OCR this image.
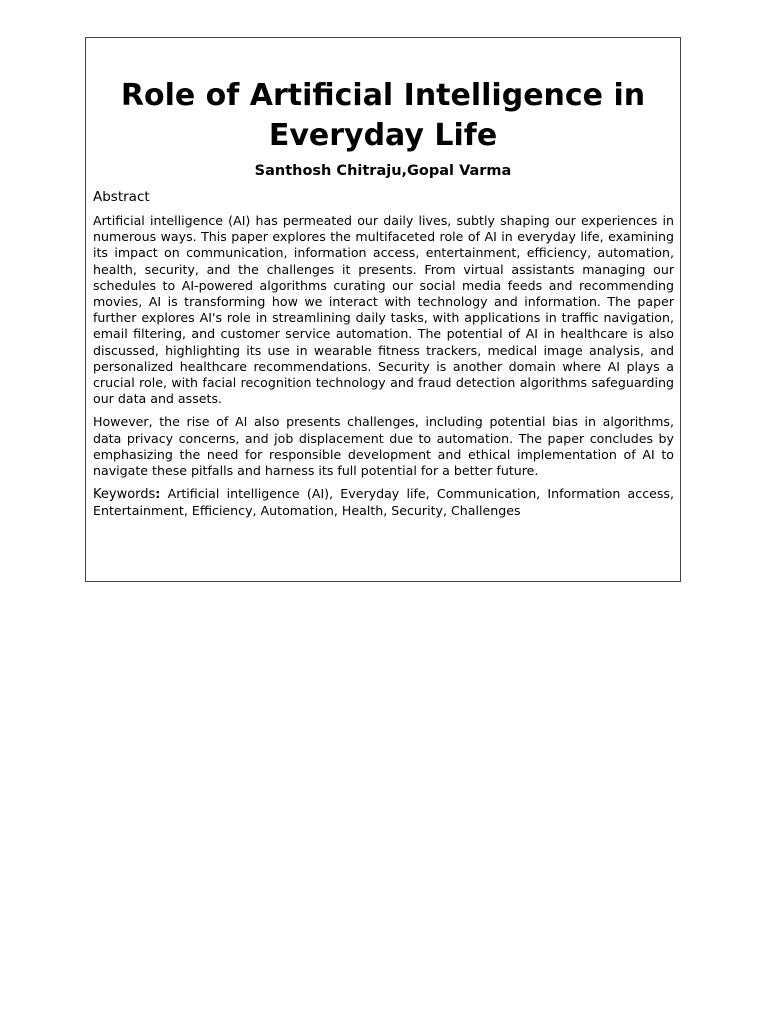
Role of Artificial Intelligence in Everyday Life
Santhosh Chitraju,Gopal Varma
Abstract

Artificial intelligence (AI) has permeated our daily lives, subtly shaping our experiences in numerous ways. This paper explores the multifaceted role of AI in everyday life, examining its impact on communication, information access, entertainment, efficiency, automation, health, security, and the challenges it presents. From virtual assistants managing our schedules to AI-powered algorithms curating our social media feeds and recommending movies, AI is transforming how we interact with technology and information. The paper further explores AI's role in streamlining daily tasks, with applications in traffic navigation, email filtering, and customer service automation. The potential of AI in healthcare is also discussed, highlighting its use in wearable fitness trackers, medical image analysis, and personalized healthcare recommendations. Security is another domain where AI plays a crucial role, with facial recognition technology and fraud detection algorithms safeguarding our data and assets.

However, the rise of AI also presents challenges, including potential bias in algorithms, data privacy concerns, and job displacement due to automation. The paper concludes by emphasizing the need for responsible development and ethical implementation of AI to navigate these pitfalls and harness its full potential for a better future.

Keywords: Artificial intelligence (AI), Everyday life, Communication, Information access, Entertainment, Efficiency, Automation, Health, Security, Challenges
